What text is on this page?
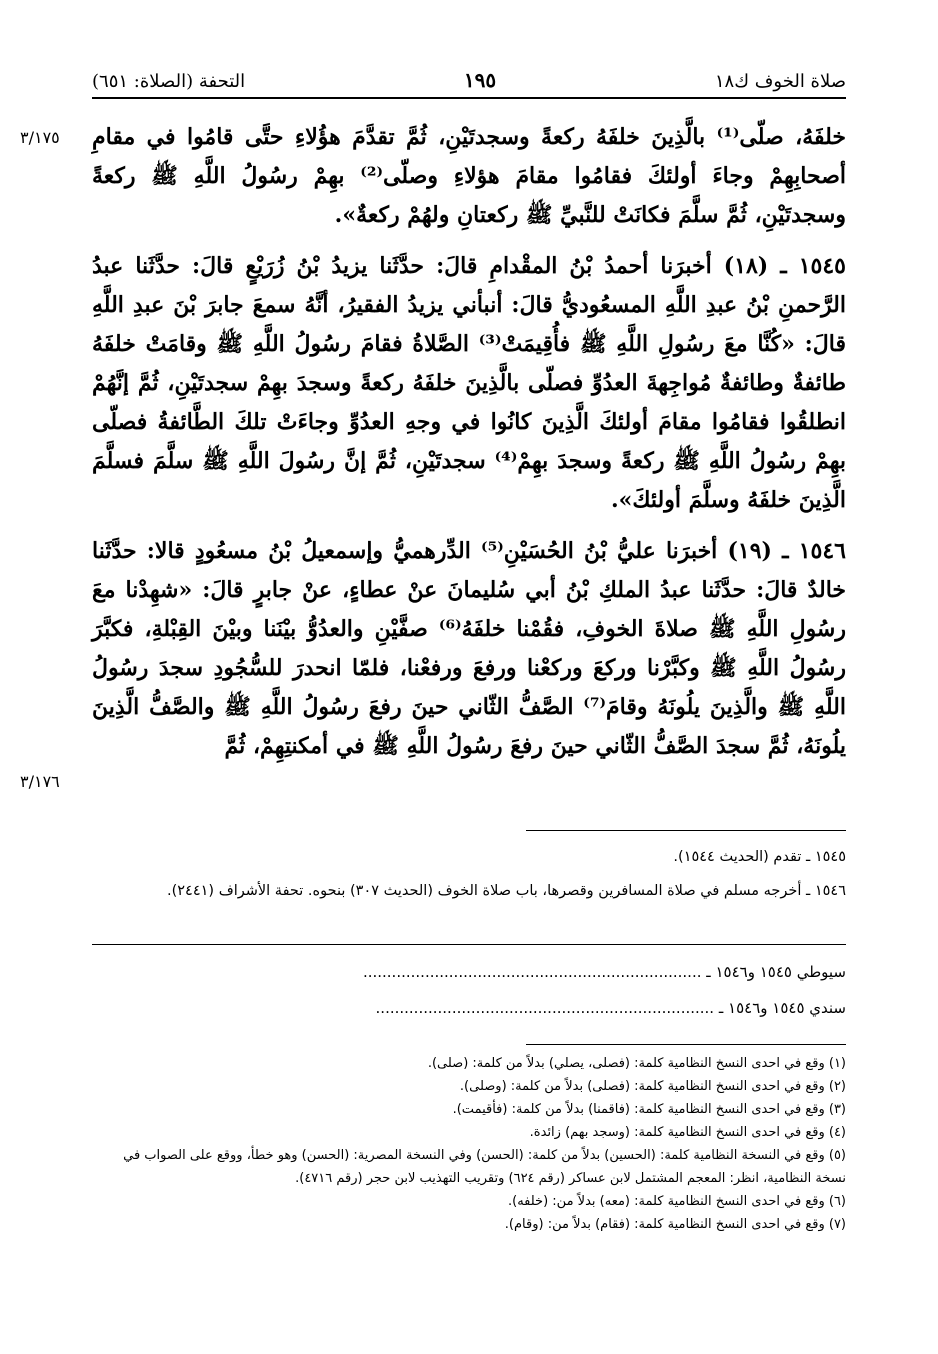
صلاة الخوف ك١٨
١٩٥
التحفة (الصلاة: ٦٥١)
٣/١٧٥
٣/١٧٦

خلفَهُ، صلّى⁽¹⁾ بالَّذِينَ خلفَهُ ركعةً وسجدتَيْنِ، ثُمَّ تقدَّمَ هؤُلاءِ حتَّى قامُوا في مقامِ أصحابِهِمْ وجاءَ أولئكَ فقامُوا مقامَ هؤلاءِ وصلّى⁽²⁾ بهِمْ رسُولُ اللَّهِ ﷺ ركعةً وسجدتَيْنِ، ثُمَّ سلَّمَ فكانَتْ للنَّبيِّ ﷺ ركعتانِ ولهُمْ ركعةٌ».

١٥٤٥ ـ (١٨) أخبرَنا أحمدُ بْنُ المقْدامِ قالَ: حدَّثَنا يزيدُ بْنُ زُرَيْعٍ قالَ: حدَّثَنا عبدُ الرَّحمنِ بْنُ عبدِ اللَّهِ المسعُوديُّ قالَ: أنبأني يزيدُ الفقيرُ، أنَّهُ سمعَ جابرَ بْنَ عبدِ اللَّهِ قالَ: «كُنَّا معَ رسُولِ اللَّهِ ﷺ فأُقِيمَتْ⁽³⁾ الصَّلاةُ فقامَ رسُولُ اللَّهِ ﷺ وقامَتْ خلفَهُ طائفةٌ وطائفةٌ مُواجِهةَ العدُوِّ فصلّى بالَّذِينَ خلفَهُ ركعةً وسجدَ بهِمْ سجدتَيْنِ، ثُمَّ إنَّهُمْ انطلقُوا فقامُوا مقامَ أولئكَ الَّذِينَ كانُوا في وجهِ العدُوِّ وجاءَتْ تلكَ الطَّائفةُ فصلّى بهِمْ رسُولُ اللَّهِ ﷺ ركعةً وسجدَ بهِمْ⁽⁴⁾ سجدتَيْنِ، ثُمَّ إنَّ رسُولَ اللَّهِ ﷺ سلَّمَ فسلَّمَ الَّذِينَ خلفَهُ وسلَّمَ أولئكَ».

١٥٤٦ ـ (١٩) أخبرَنا عليُّ بْنُ الحُسَيْنِ⁽⁵⁾ الدِّرهميُّ وإسمعيلُ بْنُ مسعُودٍ قالا: حدَّثَنا خالدٌ قالَ: حدَّثَنا عبدُ الملكِ بْنُ أبي سُليمانَ عنْ عطاءٍ، عنْ جابرٍ قالَ: «شهِدْنا معَ رسُولِ اللَّهِ ﷺ صلاةَ الخوفِ، فقُمْنا خلفَهُ⁽⁶⁾ صفَّيْنِ والعدُوُّ بيْنَنا وبيْنَ القِبْلةِ، فكبَّرَ رسُولُ اللَّهِ ﷺ وكبَّرْنا وركعَ وركعْنا ورفعَ ورفعْنا، فلمّا انحدرَ للسُّجُودِ سجدَ رسُولُ اللَّهِ ﷺ والَّذِينَ يلُونَهُ وقامَ⁽⁷⁾ الصَّفُّ الثّاني حينَ رفعَ رسُولُ اللَّهِ ﷺ والصَّفُّ الَّذِينَ يلُونَهُ، ثُمَّ سجدَ الصَّفُّ الثّاني حينَ رفعَ رسُولُ اللَّهِ ﷺ في أمكنتِهِمْ، ثُمَّ

١٥٤٥ ـ تقدم (الحديث ١٥٤٤).
١٥٤٦ ـ أخرجه مسلم في صلاة المسافرين وقصرها، باب صلاة الخوف (الحديث ٣٠٧) بنحوه. تحفة الأشراف (٢٤٤١).
سيوطي ١٥٤٥ و١٥٤٦ ـ .......................................................................
سندي ١٥٤٥ و١٥٤٦ ـ .......................................................................
(١) وقع في احدى النسخ النظامية كلمة: (فصلى، يصلي) بدلاً من كلمة: (صلى).
(٢) وقع في احدى النسخ النظامية كلمة: (فصلى) بدلاً من كلمة: (وصلى).
(٣) وقع في احدى النسخ النظامية كلمة: (فاقمنا) بدلاً من كلمة: (فأقيمت).
(٤) وقع في احدى النسخ النظامية كلمة: (وسجد بهم) زائدة.
(٥) وقع في النسخة النظامية كلمة: (الحسين) بدلاً من كلمة: (الحسن) وفي النسخة المصرية: (الحسن) وهو خطأ، ووقع على الصواب في
نسخة النظامية، انظر: المعجم المشتمل لابن عساكر (رقم ٦٢٤) وتقريب التهذيب لابن حجر (رقم ٤٧١٦).
(٦) وقع في احدى النسخ النظامية كلمة: (معه) بدلاً من: (خلفه).
(٧) وقع في احدى النسخ النظامية كلمة: (فقام) بدلاً من: (وقام).
